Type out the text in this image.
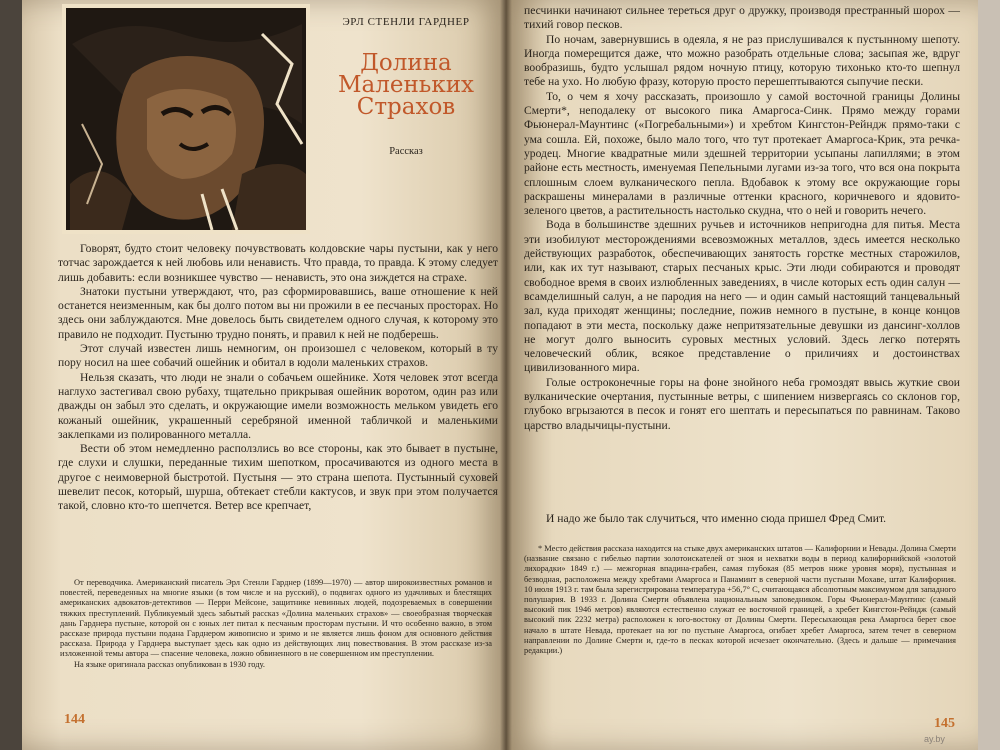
ЭРЛ СТЕНЛИ ГАРДНЕР
Долина
Маленьких
Страхов
Рассказ

Говорят, будто стоит человеку почувствовать колдовские чары пустыни, как у него тотчас зарождается к ней любовь или ненависть. Что правда, то правда. К этому следует лишь добавить: если возникшее чувство — ненависть, это она зиждется на страхе.

Знатоки пустыни утверждают, что, раз сформировавшись, ваше отношение к ней останется неизменным, как бы долго потом вы ни прожили в ее песчаных просторах. Но здесь они заблуждаются. Мне довелось быть свидетелем одного случая, к которому это правило не подходит. Пустыню трудно понять, и правил к ней не подберешь.

Этот случай известен лишь немногим, он произошел с человеком, который в ту пору носил на шее собачий ошейник и обитал в юдоли маленьких страхов.

Нельзя сказать, что люди не знали о собачьем ошейнике. Хотя человек этот всегда наглухо застегивал свою рубаху, тщательно прикрывая ошейник воротом, один раз или дважды он забыл это сделать, и окружающие имели возможность мельком увидеть его кожаный ошейник, украшенный серебряной именной табличкой и маленькими заклепками из полированного металла.

Вести об этом немедленно расползлись во все стороны, как это бывает в пустыне, где слухи и слушки, переданные тихим шепотком, просачиваются из одного места в другое с неимоверной быстротой. Пустыня — это страна шепота. Пустынный суховей шевелит песок, который, шурша, обтекает стебли кактусов, и звук при этом получается такой, словно кто-то шепчется. Ветер все крепчает,

От переводчика. Американский писатель Эрл Стенли Гарднер (1899—1970) — автор широкоизвестных романов и повестей, переведенных на многие языки (в том числе и на русский), о подвигах одного из удачливых и блестящих американских адвокатов-детективов — Перри Мейсоне, защитнике невинных людей, подозреваемых в совершении тяжких преступлений. Публикуемый здесь забытый рассказ «Долина маленьких страхов» — своеобразная творческая дань Гарднера пустыне, которой он с юных лет питал к песчаным просторам пустыни. И что особенно важно, в этом рассказе природа пустыни подана Гарднером живописно и зримо и не является лишь фоном для основного действия рассказа. Природа у Гарднера выступает здесь как одно из действующих лиц повествования. В этом рассказе из-за изложенной темы автора — спасение человека, ложно обвиненного в не совершенном им преступлении.

На языке оригинала рассказ опубликован в 1930 году.

144

песчинки начинают сильнее тереться друг о дружку, производя престранный шорох — тихий говор песков.

По ночам, завернувшись в одеяла, я не раз прислушивался к пустынному шепоту. Иногда померещится даже, что можно разобрать отдельные слова; засыпая же, вдруг вообразишь, будто услышал рядом ночную птицу, которую тихонько кто-то шепнул тебе на ухо. Но любую фразу, которую просто перешептываются сыпучие пески.

То, о чем я хочу рассказать, произошло у самой восточной границы Долины Смерти*, неподалеку от высокого пика Амаргоса-Синк. Прямо между горами Фьюнерал-Маунтинс («Погребальными») и хребтом Кингстон-Рейндж прямо-таки с ума сошла. Ей, похоже, было мало того, что тут протекает Амаргоса-Крик, эта речка-уродец. Многие квадратные мили здешней территории усыпаны лапиллями; в этом районе есть местность, именуемая Пепельными лугами из-за того, что вся она покрыта сплошным слоем вулканического пепла. Вдобавок к этому все окружающие горы раскрашены минералами в различные оттенки красного, коричневого и ядовито-зеленого цветов, а растительность настолько скудна, что о ней и говорить нечего.

Вода в большинстве здешних ручьев и источников непригодна для питья. Места эти изобилуют месторождениями всевозможных металлов, здесь имеется несколько действующих разработок, обеспечивающих занятость горстке местных старожилов, или, как их тут называют, старых песчаных крыс. Эти люди собираются и проводят свободное время в своих излюбленных заведениях, в числе которых есть один салун — всамделишный салун, а не пародия на него — и один самый настоящий танцевальный зал, куда приходят женщины; последние, пожив немного в пустыне, в конце концов попадают в эти места, поскольку даже непритязательные девушки из дансинг-холлов не могут долго выносить суровых местных условий. Здесь легко потерять человеческий облик, всякое представление о приличиях и достоинствах цивилизованного мира.

Голые остроконечные горы на фоне знойного неба громоздят ввысь жуткие свои вулканические очертания, пустынные ветры, с шипением низвергаясь со склонов гор, глубоко вгрызаются в песок и гонят его шептать и пересыпаться по равнинам. Таково царство владычицы-пустыни.

И надо же было так случиться, что именно сюда пришел Фред Смит.

* Место действия рассказа находится на стыке двух американских штатов — Калифорнии и Невады. Долина Смерти (название связано с гибелью партии золотоискателей от зноя и нехватки воды в период калифорнийской «золотой лихорадки» 1849 г.) — межгорная впадина-грабен, самая глубокая (85 метров ниже уровня моря), пустынная и безводная, расположена между хребтами Амаргоса и Панаминт в северной части пустыни Мохаве, штат Калифорния. 10 июля 1913 г. там была зарегистрирована температура +56,7° С, считающаяся абсолютным максимумом для западного полушария. В 1933 г. Долина Смерти объявлена национальным заповедником. Горы Фьюнерал-Маунтинс (самый высокий пик 1946 метров) являются естественно служат ее восточной границей, а хребет Кингстон-Рейндж (самый высокий пик 2232 метра) расположен к юго-востоку от Долины Смерти. Пересыхающая река Амаргоса берет свое начало в штате Невада, протекает на юг по пустыне Амаргоса, огибает хребет Амаргоса, затем течет в северном направлении по Долине Смерти и, где-то в песках которой исчезает окончательно. (Здесь и дальше — примечания редакции.)

145
ay.by
